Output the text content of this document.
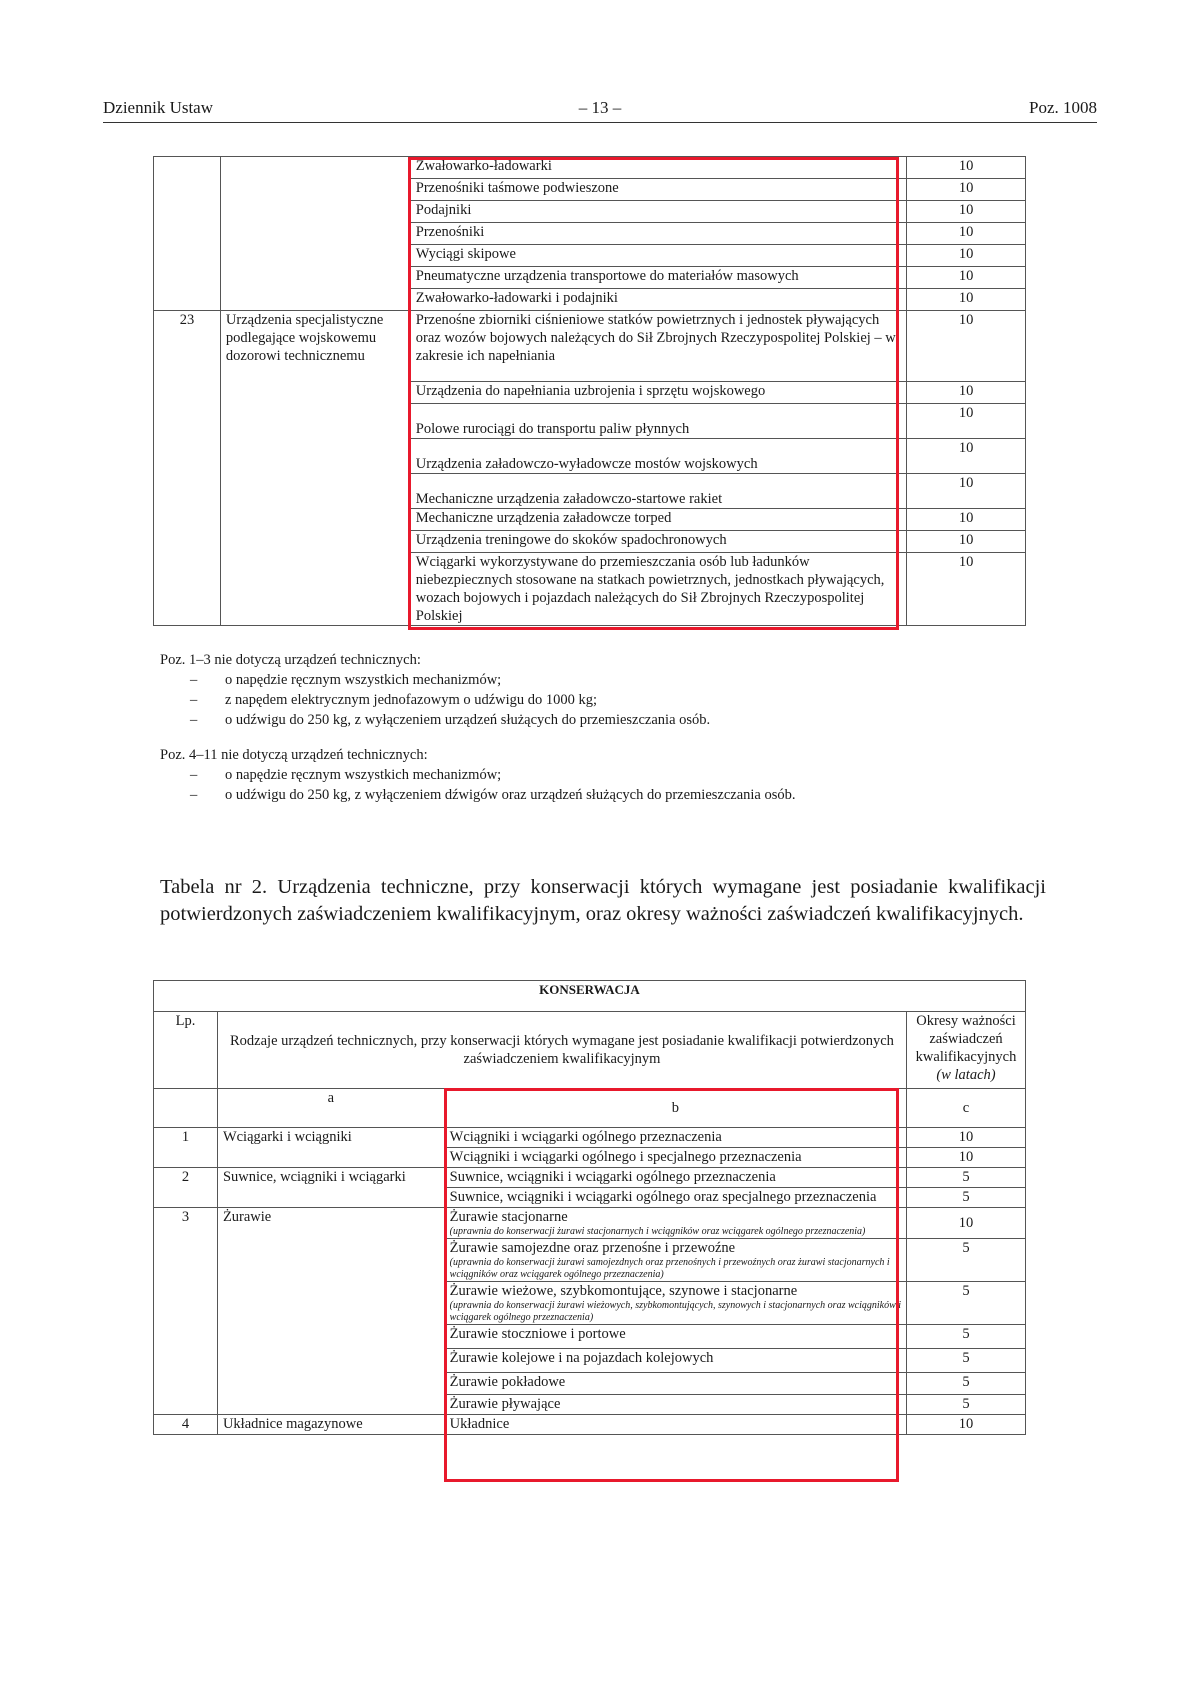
Dziennik Ustaw	– 13 –	Poz. 1008
		Zwałowarko-ładowarki	10
		Przenośniki taśmowe podwieszone	10
		Podajniki	10
		Przenośniki	10
		Wyciągi skipowe	10
		Pneumatyczne urządzenia transportowe do materiałów masowych	10
		Zwałowarko-ładowarki i podajniki	10
23	Urządzenia specjalistyczne podlegające wojskowemu dozorowi technicznemu	Przenośne zbiorniki ciśnieniowe statków powietrznych i jednostek pływających oraz wozów bojowych należących do Sił Zbrojnych Rzeczypospolitej Polskiej – w zakresie ich napełniania	10
		Urządzenia do napełniania uzbrojenia i sprzętu wojskowego	10
		Polowe rurociągi do transportu paliw płynnych	10
		Urządzenia załadowczo-wyładowcze mostów wojskowych	10
		Mechaniczne urządzenia załadowczo-startowe rakiet	10
		Mechaniczne urządzenia załadowcze torped	10
		Urządzenia treningowe do skoków spadochronowych	10
		Wciągarki wykorzystywane do przemieszczania osób lub ładunków niebezpiecznych stosowane na statkach powietrznych, jednostkach pływających, wozach bojowych i pojazdach należących do Sił Zbrojnych Rzeczypospolitej Polskiej	10
Poz. 1–3 nie dotyczą urządzeń technicznych:
– o napędzie ręcznym wszystkich mechanizmów;
– z napędem elektrycznym jednofazowym o udźwigu do 1000 kg;
– o udźwigu do 250 kg, z wyłączeniem urządzeń służących do przemieszczania osób.
Poz. 4–11 nie dotyczą urządzeń technicznych:
– o napędzie ręcznym wszystkich mechanizmów;
– o udźwigu do 250 kg, z wyłączeniem dźwigów oraz urządzeń służących do przemieszczania osób.
Tabela nr 2. Urządzenia techniczne, przy konserwacji których wymagane jest posiadanie kwalifikacji potwierdzonych zaświadczeniem kwalifikacyjnym, oraz okresy ważności zaświadczeń kwalifikacyjnych.
KONSERWACJA			
Lp.	Rodzaje urządzeń technicznych, przy konserwacji których wymagane jest posiadanie kwalifikacji potwierdzonych zaświadczeniem kwalifikacyjnym		Okresy ważności zaświadczeń kwalifikacyjnych
(w latach)
	a	b	c
1	Wciągarki i wciągniki	Wciągniki i wciągarki ogólnego przeznaczenia	10
		Wciągniki i wciągarki ogólnego i specjalnego przeznaczenia	10
2	Suwnice, wciągniki i wciągarki	Suwnice, wciągniki i wciągarki ogólnego przeznaczenia	5
		Suwnice, wciągniki i wciągarki ogólnego oraz specjalnego przeznaczenia	5
3	Żurawie	Żurawie stacjonarne
(uprawnia do konserwacji żurawi stacjonarnych i wciągników oraz wciągarek ogólnego przeznaczenia)	10
		Żurawie samojezdne oraz przenośne i przewoźne
(uprawnia do konserwacji żurawi samojezdnych oraz przenośnych i przewoźnych oraz żurawi stacjonarnych i wciągników oraz wciągarek ogólnego przeznaczenia)	5
		Żurawie wieżowe, szybkomontujące, szynowe i stacjonarne
(uprawnia do konserwacji żurawi wieżowych, szybkomontujących, szynowych i stacjonarnych oraz wciągników i wciągarek ogólnego przeznaczenia)	5
		Żurawie stoczniowe i portowe	5
		Żurawie kolejowe i na pojazdach kolejowych	5
		Żurawie pokładowe	5
		Żurawie pływające	5
4	Układnice magazynowe	Układnice	10
